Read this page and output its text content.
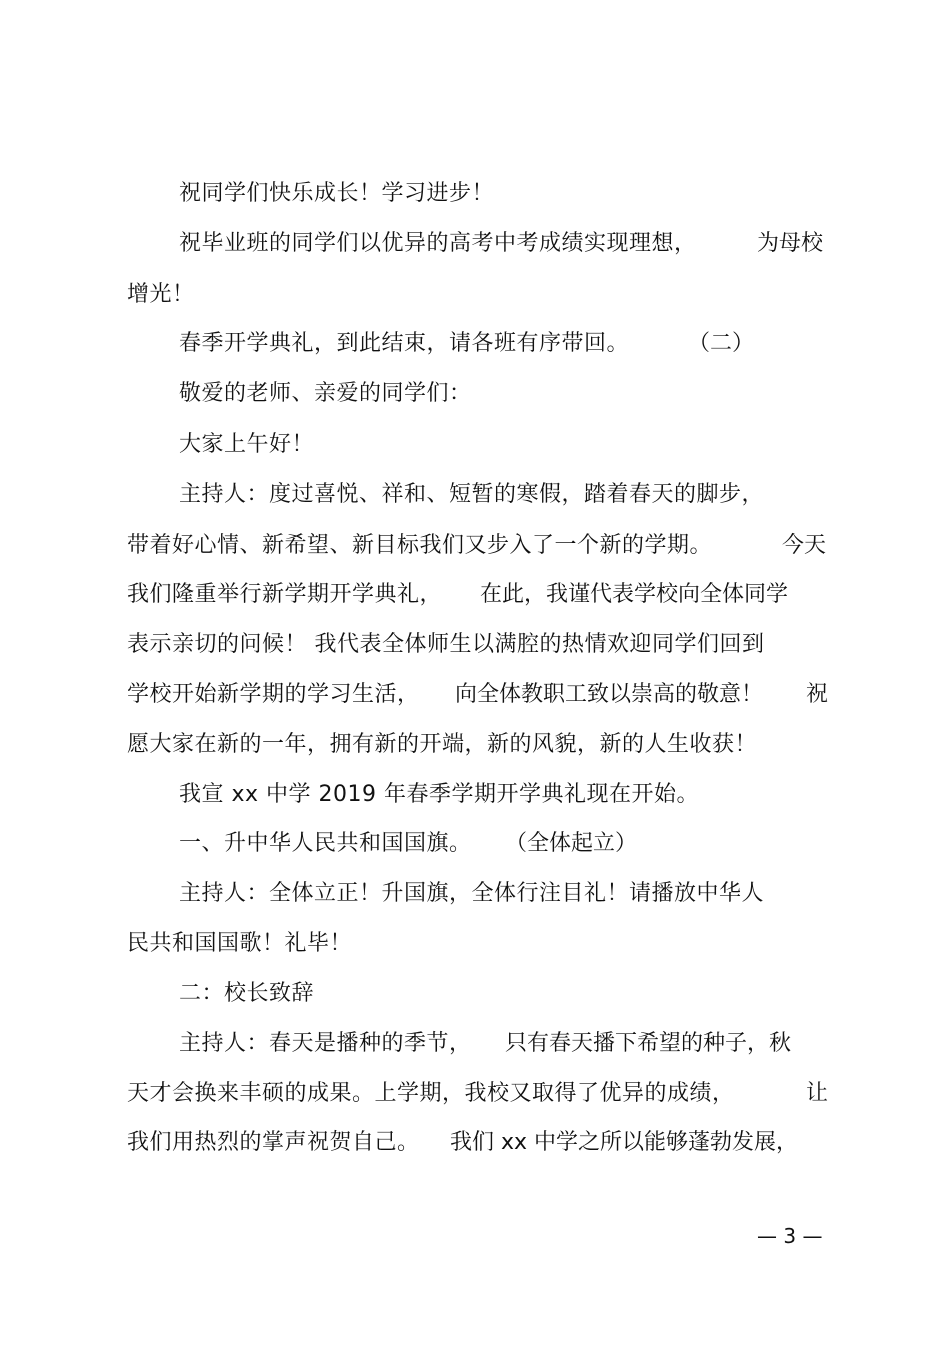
祝同学们快乐成长！学习进步！
祝毕业班的同学们以优异的高考中考成绩实现理想，	为母校
增光！
春季开学典礼，到此结束，请各班有序带回。	（二）
敬爱的老师、亲爱的同学们：
大家上午好！
主持人：度过喜悦、祥和、短暂的寒假，踏着春天的脚步，
带着好心情、新希望、新目标我们又步入了一个新的学期。	今天
我们隆重举行新学期开学典礼， 在此，我谨代表学校向全体同学
表示亲切的问候！ 我代表全体师生以满腔的热情欢迎同学们回到
学校开始新学期的学习生活， 向全体教职工致以崇高的敬意！ 祝
愿大家在新的一年，拥有新的开端，新的风貌，新的人生收获！
我宣 xx 中学 2019 年春季学期开学典礼现在开始。
一、升中华人民共和国国旗。 （全体起立）
主持人：全体立正！升国旗，全体行注目礼！请播放中华人
民共和国国歌！礼毕！
二：校长致辞
主持人：春天是播种的季节， 只有春天播下希望的种子，秋
天才会换来丰硕的成果。上学期，我校又取得了优异的成绩，	让
我们用热烈的掌声祝贺自己。 我们 xx 中学之所以能够蓬勃发展，
— 3 —
